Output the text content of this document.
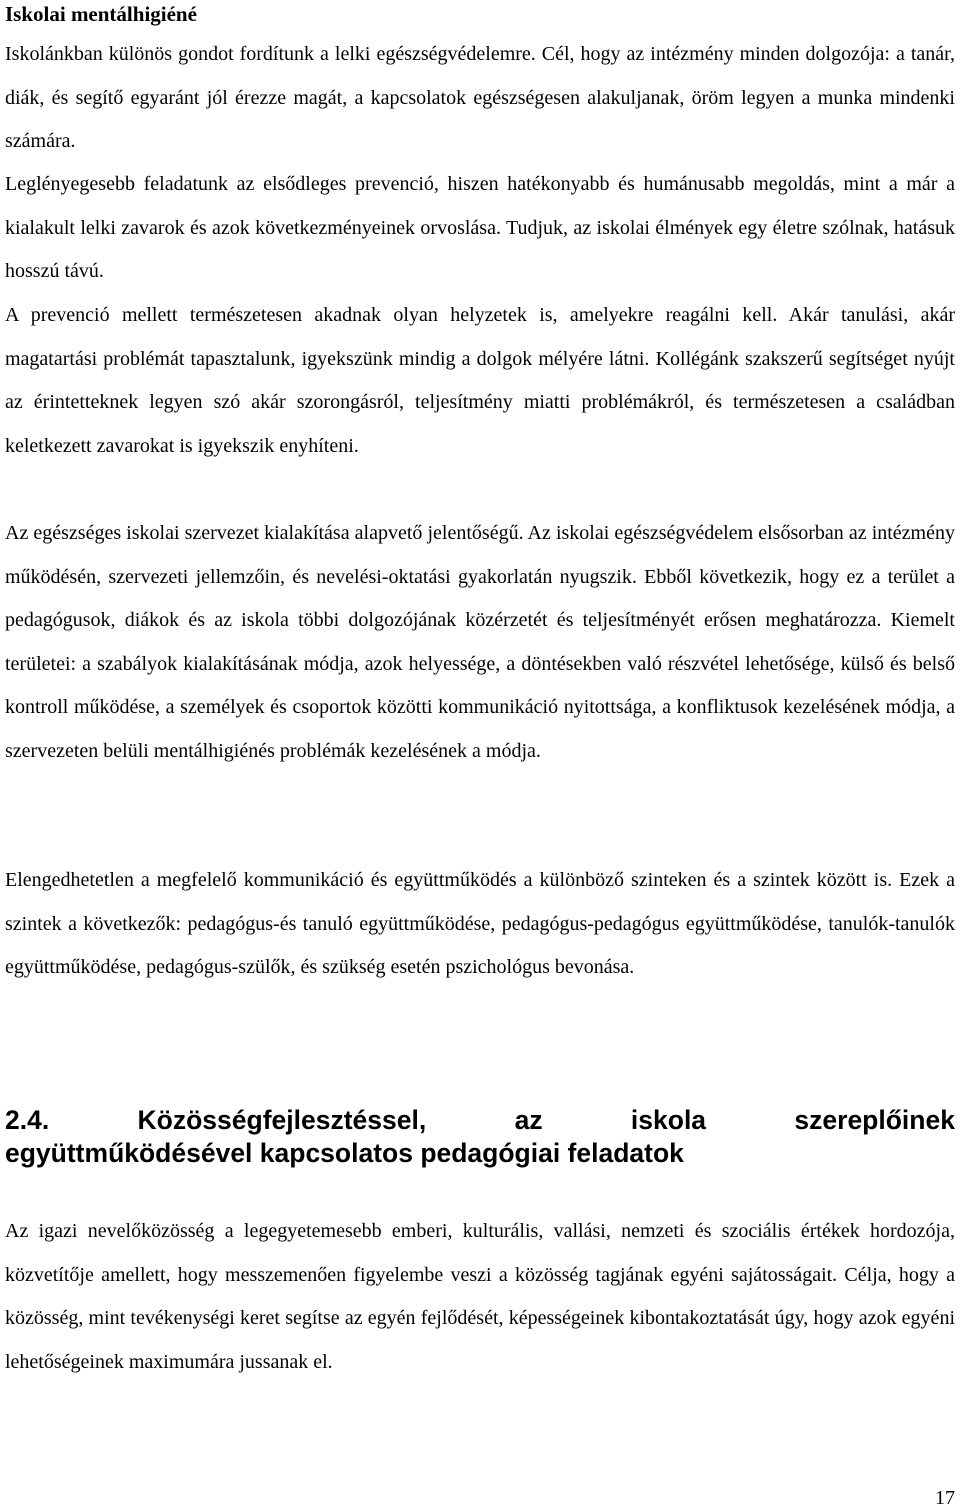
Iskolai mentálhigiéné

Iskolánkban különös gondot fordítunk a lelki egészségvédelemre. Cél, hogy az intézmény minden dolgozója: a tanár, diák, és segítő egyaránt jól érezze magát, a kapcsolatok egészségesen alakuljanak, öröm legyen a munka mindenki számára.

Leglényegesebb feladatunk az elsődleges prevenció, hiszen hatékonyabb és humánusabb megoldás, mint a már a kialakult lelki zavarok és azok következményeinek orvoslása. Tudjuk, az iskolai élmények egy életre szólnak, hatásuk hosszú távú.

A prevenció mellett természetesen akadnak olyan helyzetek is, amelyekre reagálni kell. Akár tanulási, akár magatartási problémát tapasztalunk, igyekszünk mindig a dolgok mélyére látni. Kollégánk szakszerű segítséget nyújt az érintetteknek legyen szó akár szorongásról, teljesítmény miatti problémákról, és természetesen a családban keletkezett zavarokat is igyekszik enyhíteni.

Az egészséges iskolai szervezet kialakítása alapvető jelentőségű. Az iskolai egészségvédelem elsősorban az intézmény működésén, szervezeti jellemzőin, és nevelési-oktatási gyakorlatán nyugszik. Ebből következik, hogy ez a terület a pedagógusok, diákok és az iskola többi dolgozójának közérzetét és teljesítményét erősen meghatározza. Kiemelt területei: a szabályok kialakításának módja, azok helyessége, a döntésekben való részvétel lehetősége, külső és belső kontroll működése, a személyek és csoportok közötti kommunikáció nyitottsága, a konfliktusok kezelésének módja, a szervezeten belüli mentálhigiénés problémák kezelésének a módja.

Elengedhetetlen a megfelelő kommunikáció és együttműködés a különböző szinteken és a szintek között is. Ezek a szintek a következők: pedagógus-és tanuló együttműködése, pedagógus-pedagógus együttműködése, tanulók-tanulók együttműködése, pedagógus-szülők, és szükség esetén pszichológus bevonása.

2.4.	Közösségfejlesztéssel,	az	iskola	szereplőinek
együttműködésével kapcsolatos pedagógiai feladatok

Az igazi nevelőközösség a legegyetemesebb emberi, kulturális, vallási, nemzeti és szociális értékek hordozója, közvetítője amellett, hogy messzemenően figyelembe veszi a közösség tagjának egyéni sajátosságait. Célja, hogy a közösség, mint tevékenységi keret segítse az egyén fejlődését, képességeinek kibontakoztatását úgy, hogy azok egyéni lehetőségeinek maximumára jussanak el.

17
